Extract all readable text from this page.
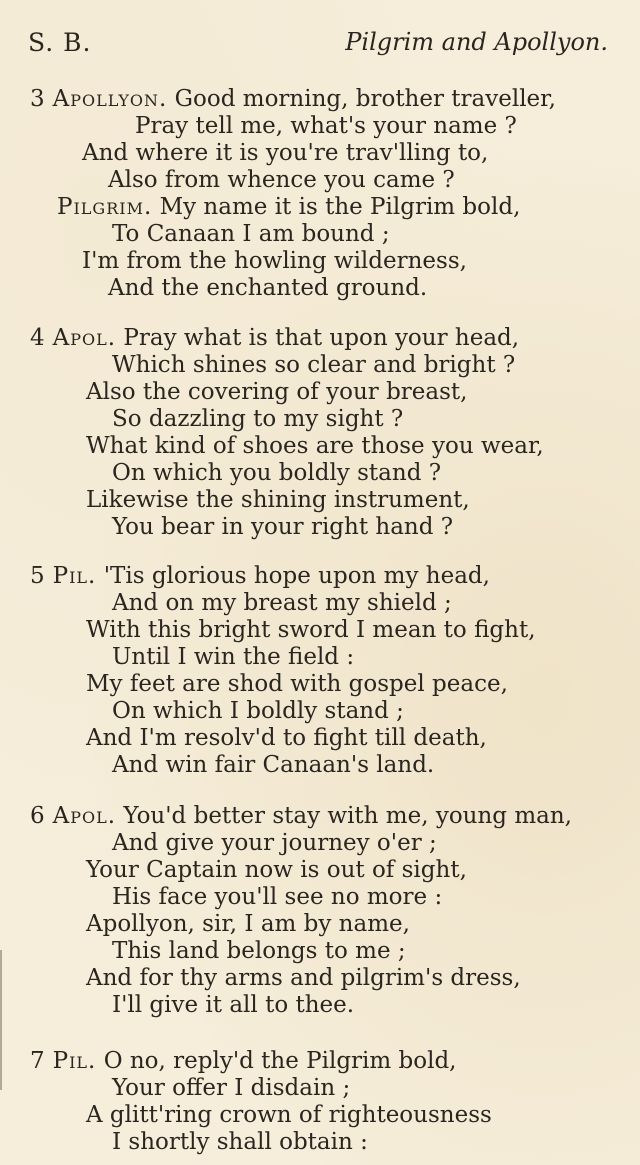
S. B.	Pilgrim and Apollyon.
3 Apollyon. Good morning, brother traveller,
Pray tell me, what's your name ?
And where it is you're trav'lling to,
Also from whence you came ?
Pilgrim. My name it is the Pilgrim bold,
To Canaan I am bound ;
I'm from the howling wilderness,
And the enchanted ground.
4 Apol. Pray what is that upon your head,
Which shines so clear and bright ?
Also the covering of your breast,
So dazzling to my sight ?
What kind of shoes are those you wear,
On which you boldly stand ?
Likewise the shining instrument,
You bear in your right hand ?
5 Pil. 'Tis glorious hope upon my head,
And on my breast my shield ;
With this bright sword I mean to fight,
Until I win the field :
My feet are shod with gospel peace,
On which I boldly stand ;
And I'm resolv'd to fight till death,
And win fair Canaan's land.
6 Apol. You'd better stay with me, young man,
And give your journey o'er ;
Your Captain now is out of sight,
His face you'll see no more :
Apollyon, sir, I am by name,
This land belongs to me ;
And for thy arms and pilgrim's dress,
I'll give it all to thee.
7 Pil. O no, reply'd the Pilgrim bold,
Your offer I disdain ;
A glitt'ring crown of righteousness
I shortly shall obtain :
